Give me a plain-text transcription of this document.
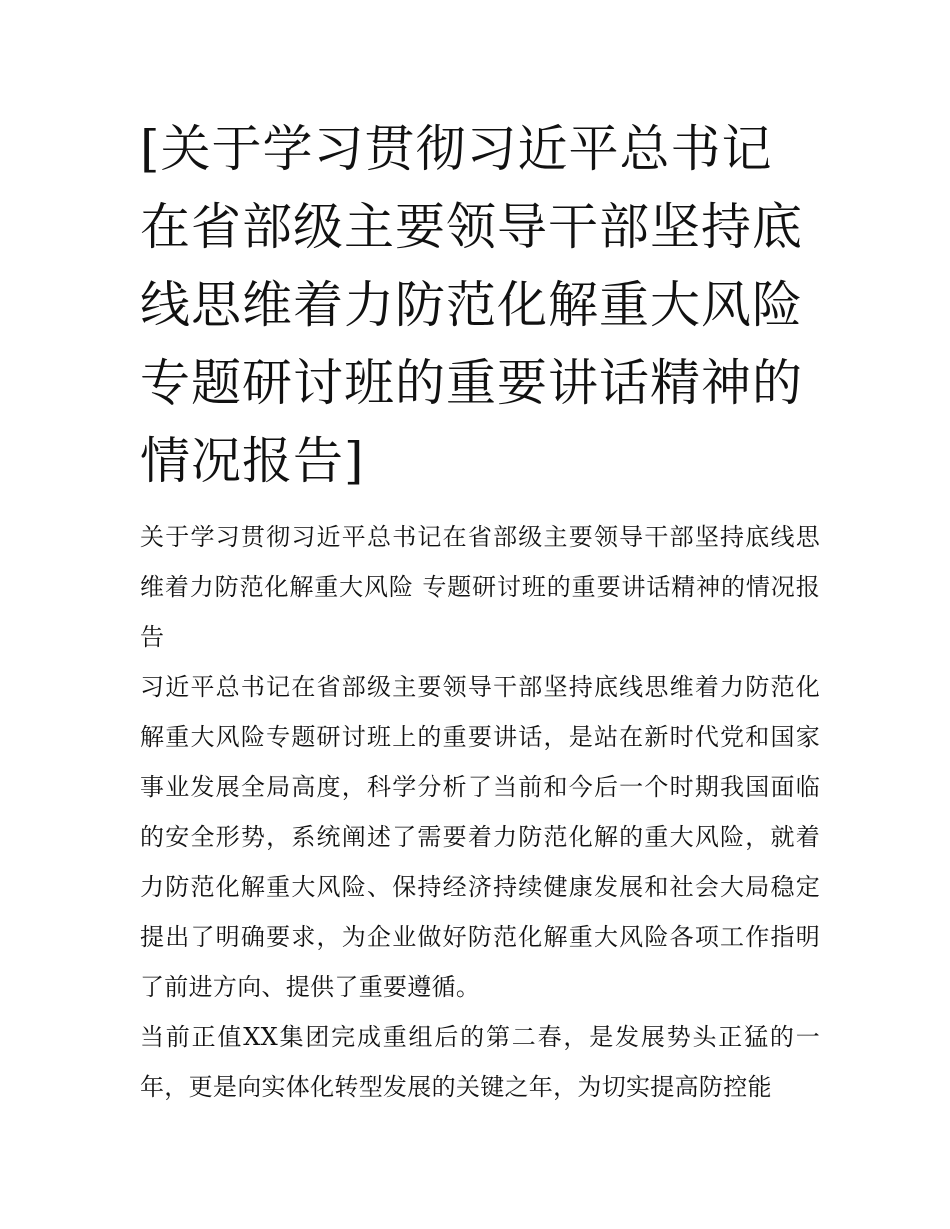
[关于学习贯彻习近平总书记在省部级主要领导干部坚持底线思维着力防范化解重大风险专题研讨班的重要讲话精神的情况报告]

关于学习贯彻习近平总书记在省部级主要领导干部坚持底线思维着力防范化解重大风险 专题研讨班的重要讲话精神的情况报告

习近平总书记在省部级主要领导干部坚持底线思维着力防范化解重大风险专题研讨班上的重要讲话，是站在新时代党和国家事业发展全局高度，科学分析了当前和今后一个时期我国面临的安全形势，系统阐述了需要着力防范化解的重大风险，就着力防范化解重大风险、保持经济持续健康发展和社会大局稳定提出了明确要求，为企业做好防范化解重大风险各项工作指明了前进方向、提供了重要遵循。

当前正值XX集团完成重组后的第二春，是发展势头正猛的一年，更是向实体化转型发展的关键之年，为切实提高防控能
